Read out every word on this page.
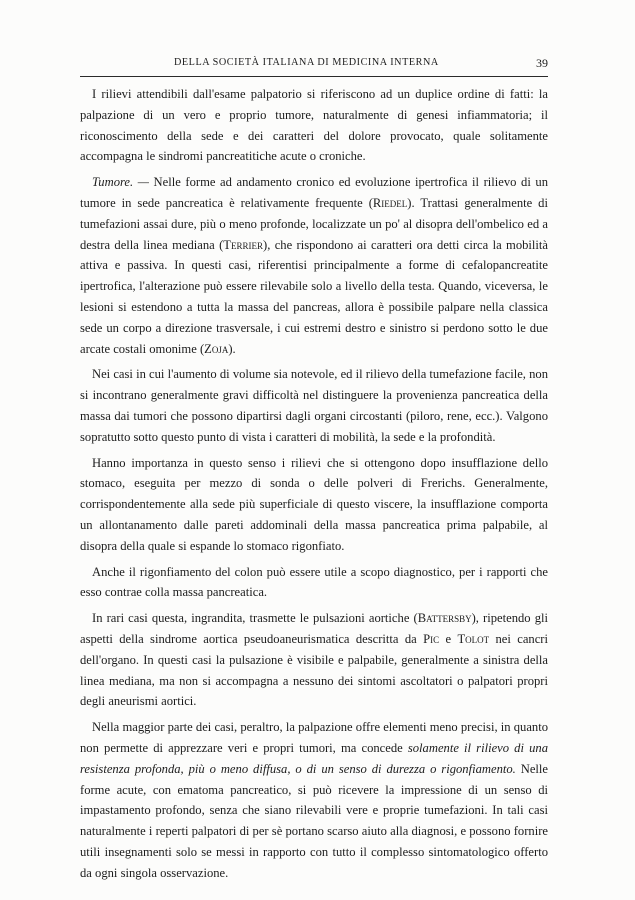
DELLA SOCIETÀ ITALIANA DI MEDICINA INTERNA	39

I rilievi attendibili dall'esame palpatorio si riferiscono ad un duplice ordine di fatti: la palpazione di un vero e proprio tumore, naturalmente di genesi infiammatoria; il riconoscimento della sede e dei caratteri del dolore provocato, quale solitamente accompagna le sindromi pancreatitiche acute o croniche.

Tumore. — Nelle forme ad andamento cronico ed evoluzione ipertrofica il rilievo di un tumore in sede pancreatica è relativamente frequente (Riedel). Trattasi generalmente di tumefazioni assai dure, più o meno profonde, localizzate un po' al disopra dell'ombelico ed a destra della linea mediana (Terrier), che rispondono ai caratteri ora detti circa la mobilità attiva e passiva. In questi casi, riferentisi principalmente a forme di cefalopancreatite ipertrofica, l'alterazione può essere rilevabile solo a livello della testa. Quando, viceversa, le lesioni si estendono a tutta la massa del pancreas, allora è possibile palpare nella classica sede un corpo a direzione trasversale, i cui estremi destro e sinistro si perdono sotto le due arcate costali omonime (Zoja).

Nei casi in cui l'aumento di volume sia notevole, ed il rilievo della tumefazione facile, non si incontrano generalmente gravi difficoltà nel distinguere la provenienza pancreatica della massa dai tumori che possono dipartirsi dagli organi circostanti (piloro, rene, ecc.). Valgono sopratutto sotto questo punto di vista i caratteri di mobilità, la sede e la profondità.

Hanno importanza in questo senso i rilievi che si ottengono dopo insufflazione dello stomaco, eseguita per mezzo di sonda o delle polveri di Frerichs. Generalmente, corrispondentemente alla sede più superficiale di questo viscere, la insufflazione comporta un allontanamento dalle pareti addominali della massa pancreatica prima palpabile, al disopra della quale si espande lo stomaco rigonfiato.

Anche il rigonfiamento del colon può essere utile a scopo diagnostico, per i rapporti che esso contrae colla massa pancreatica.

In rari casi questa, ingrandita, trasmette le pulsazioni aortiche (Battersby), ripetendo gli aspetti della sindrome aortica pseudoaneurismatica descritta da Pic e Tolot nei cancri dell'organo. In questi casi la pulsazione è visibile e palpabile, generalmente a sinistra della linea mediana, ma non si accompagna a nessuno dei sintomi ascoltatori o palpatori propri degli aneurismi aortici.

Nella maggior parte dei casi, peraltro, la palpazione offre elementi meno precisi, in quanto non permette di apprezzare veri e propri tumori, ma concede solamente il rilievo di una resistenza profonda, più o meno diffusa, o di un senso di durezza o rigonfiamento. Nelle forme acute, con ematoma pancreatico, si può ricevere la impressione di un senso di impastamento profondo, senza che siano rilevabili vere e proprie tumefazioni. In tali casi naturalmente i reperti palpatori di per sè portano scarso aiuto alla diagnosi, e possono fornire utili insegnamenti solo se messi in rapporto con tutto il complesso sintomatologico offerto da ogni singola osservazione.
